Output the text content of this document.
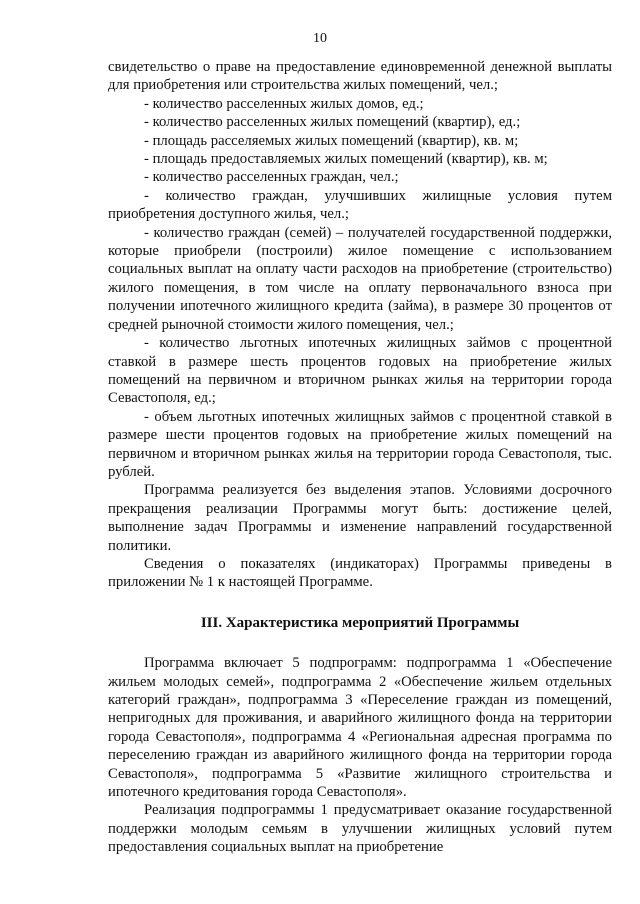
10

свидетельство о праве на предоставление единовременной денежной выплаты для приобретения или строительства жилых помещений, чел.;

- количество расселенных жилых домов, ед.;

- количество расселенных жилых помещений (квартир), ед.;

- площадь расселяемых жилых помещений (квартир), кв. м;

- площадь предоставляемых жилых помещений (квартир), кв. м;

- количество расселенных граждан, чел.;

- количество граждан, улучшивших жилищные условия путем приобретения доступного жилья, чел.;

- количество граждан (семей) – получателей государственной поддержки, которые приобрели (построили) жилое помещение с использованием социальных выплат на оплату части расходов на приобретение (строительство) жилого помещения, в том числе на оплату первоначального взноса при получении ипотечного жилищного кредита (займа), в размере 30 процентов от средней рыночной стоимости жилого помещения, чел.;

- количество льготных ипотечных жилищных займов с процентной ставкой в размере шесть процентов годовых на приобретение жилых помещений на первичном и вторичном рынках жилья на территории города Севастополя, ед.;

- объем льготных ипотечных жилищных займов с процентной ставкой в размере шести процентов годовых на приобретение жилых помещений на первичном и вторичном рынках жилья на территории города Севастополя, тыс. рублей.

Программа реализуется без выделения этапов. Условиями досрочного прекращения реализации Программы могут быть: достижение целей, выполнение задач Программы и изменение направлений государственной политики.

Сведения о показателях (индикаторах) Программы приведены в приложении № 1 к настоящей Программе.

III. Характеристика мероприятий Программы

Программа включает 5 подпрограмм: подпрограмма 1 «Обеспечение жильем молодых семей», подпрограмма 2 «Обеспечение жильем отдельных категорий граждан», подпрограмма 3 «Переселение граждан из помещений, непригодных для проживания, и аварийного жилищного фонда на территории города Севастополя», подпрограмма 4 «Региональная адресная программа по переселению граждан из аварийного жилищного фонда на территории города Севастополя», подпрограмма 5 «Развитие жилищного строительства и ипотечного кредитования города Севастополя».

Реализация подпрограммы 1 предусматривает оказание государственной поддержки молодым семьям в улучшении жилищных условий путем предоставления социальных выплат на приобретение
